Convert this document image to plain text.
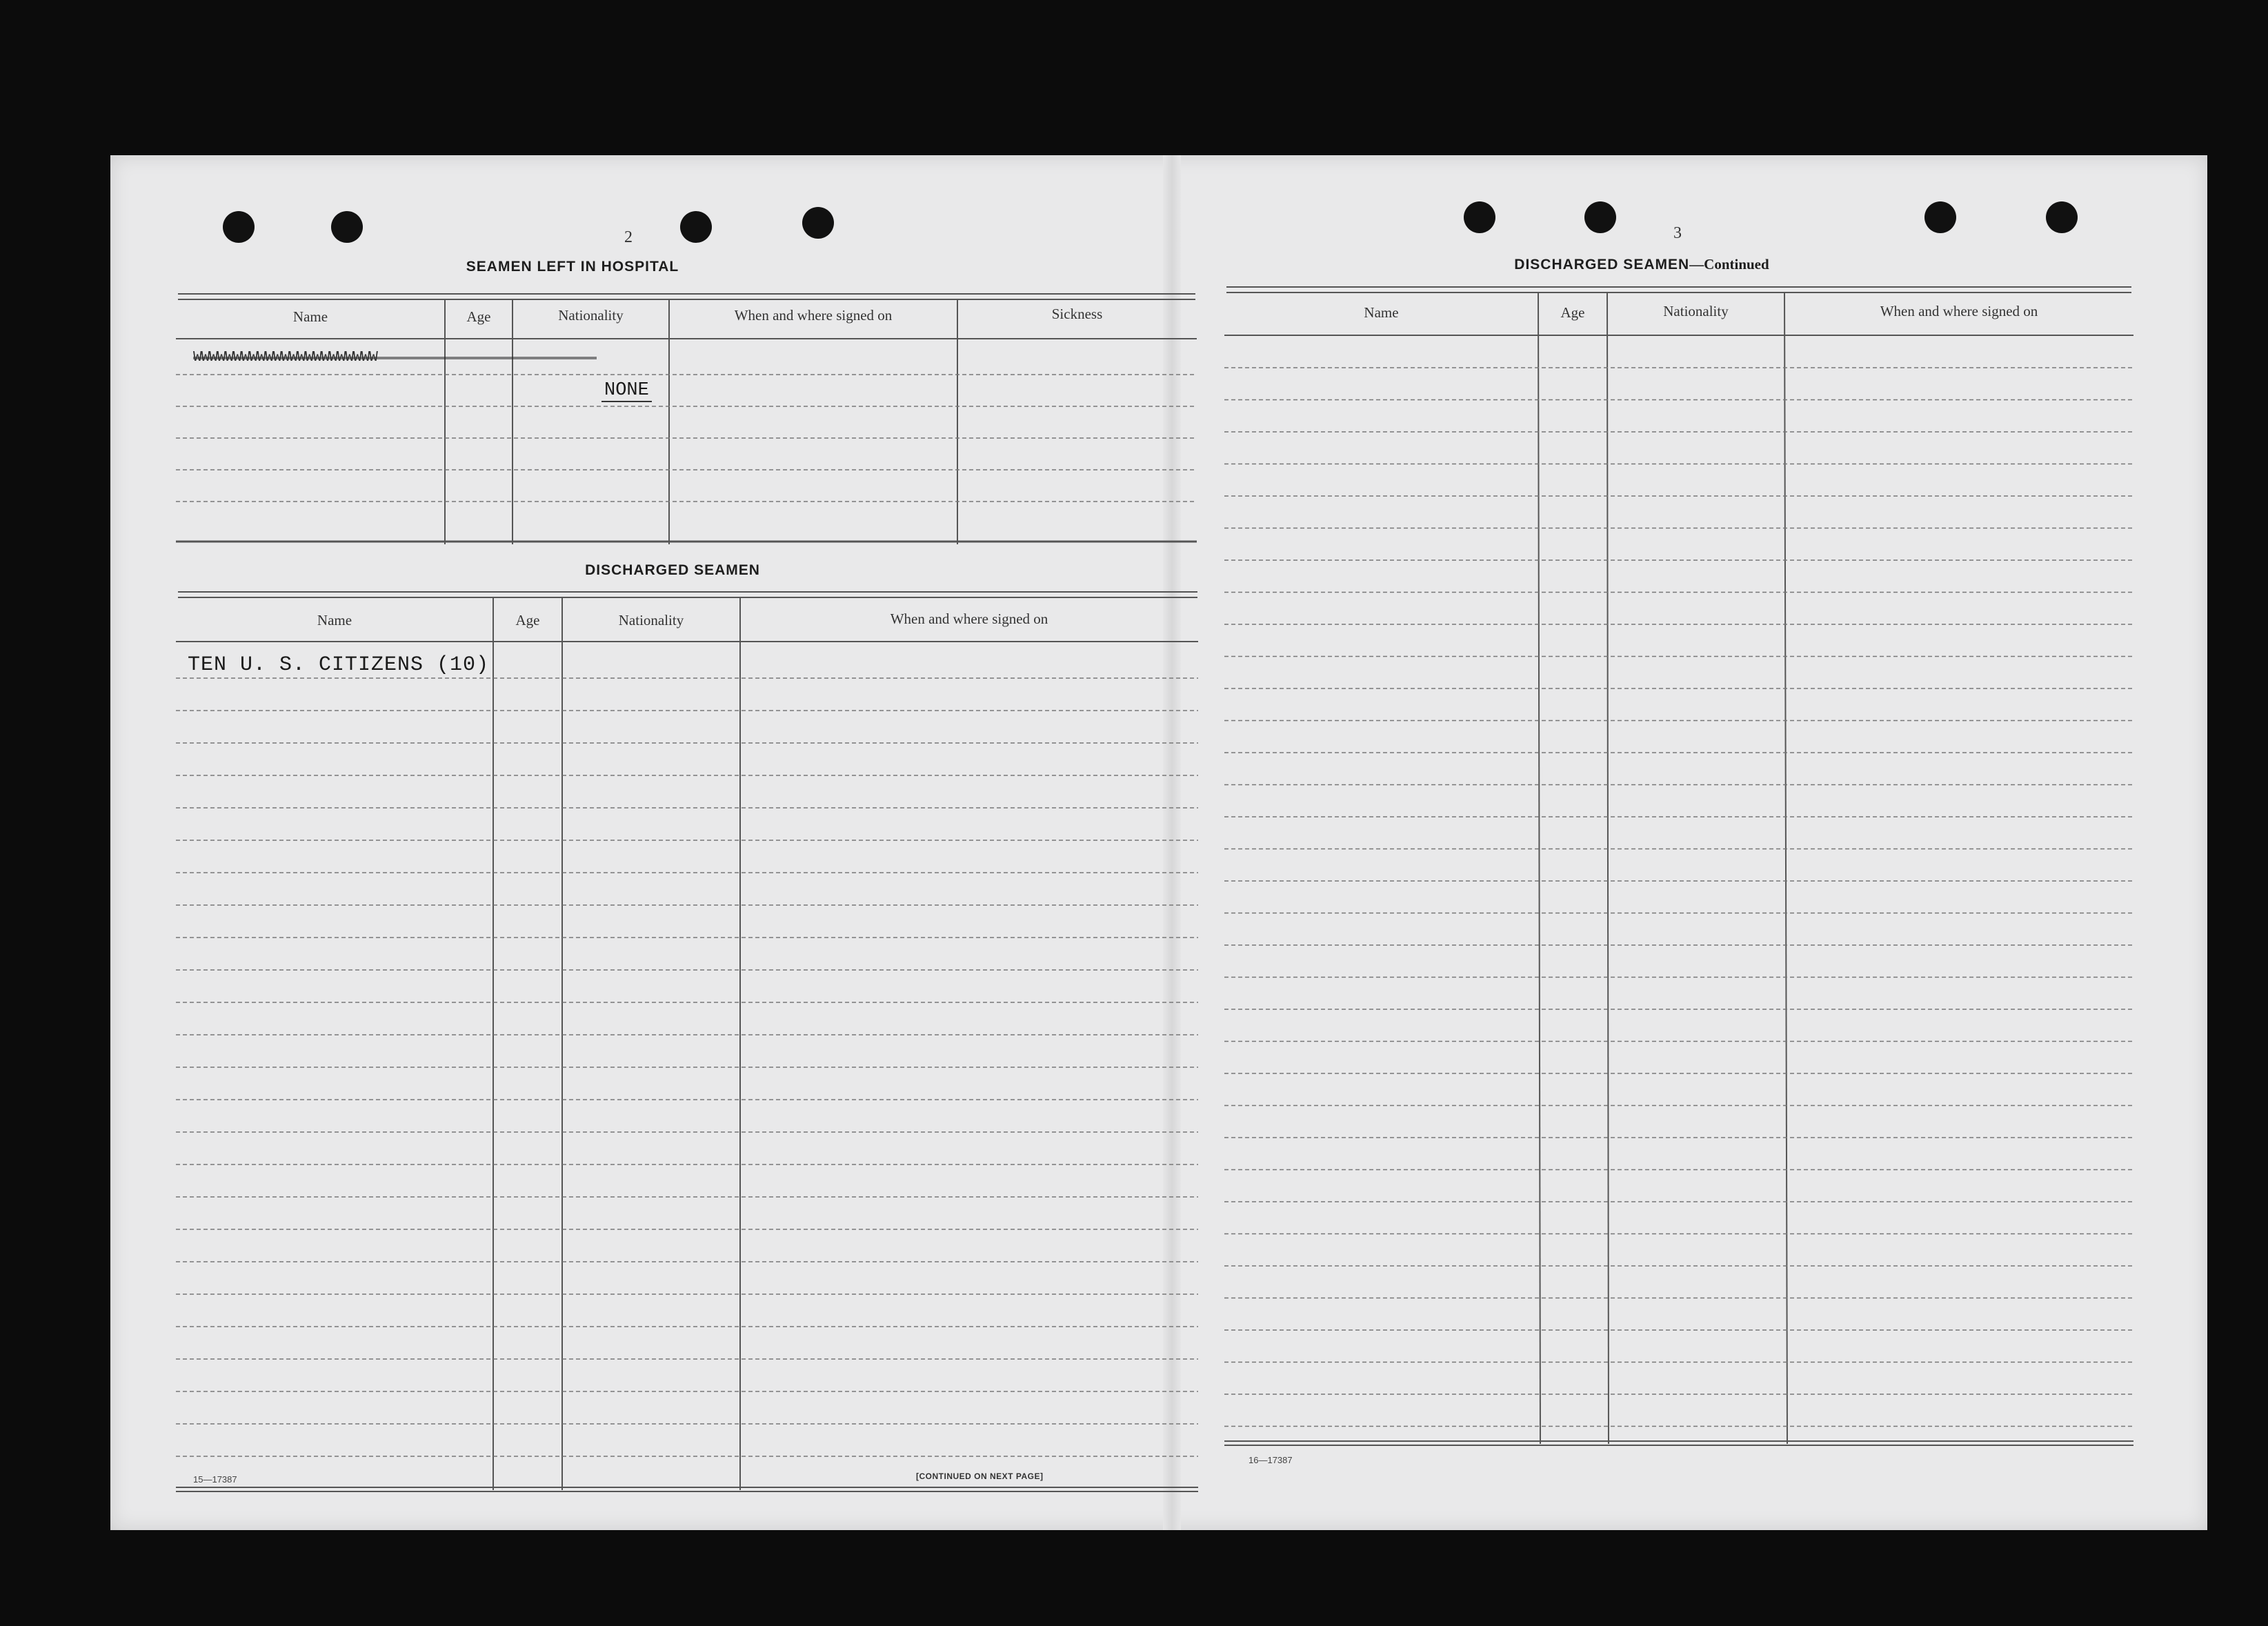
2
SEAMEN LEFT IN HOSPITAL
Name	Age	Nationality	When and where signed on	Sickness
WWWWWWWWWWWWWWWWWWWWWWW
NONE
DISCHARGED SEAMEN
Name	Age	Nationality	When and where signed on
TEN U. S. CITIZENS (10)
15—17387	[CONTINUED ON NEXT PAGE]
3
DISCHARGED SEAMEN—Continued
Name	Age	Nationality	When and where signed on
16—17387
